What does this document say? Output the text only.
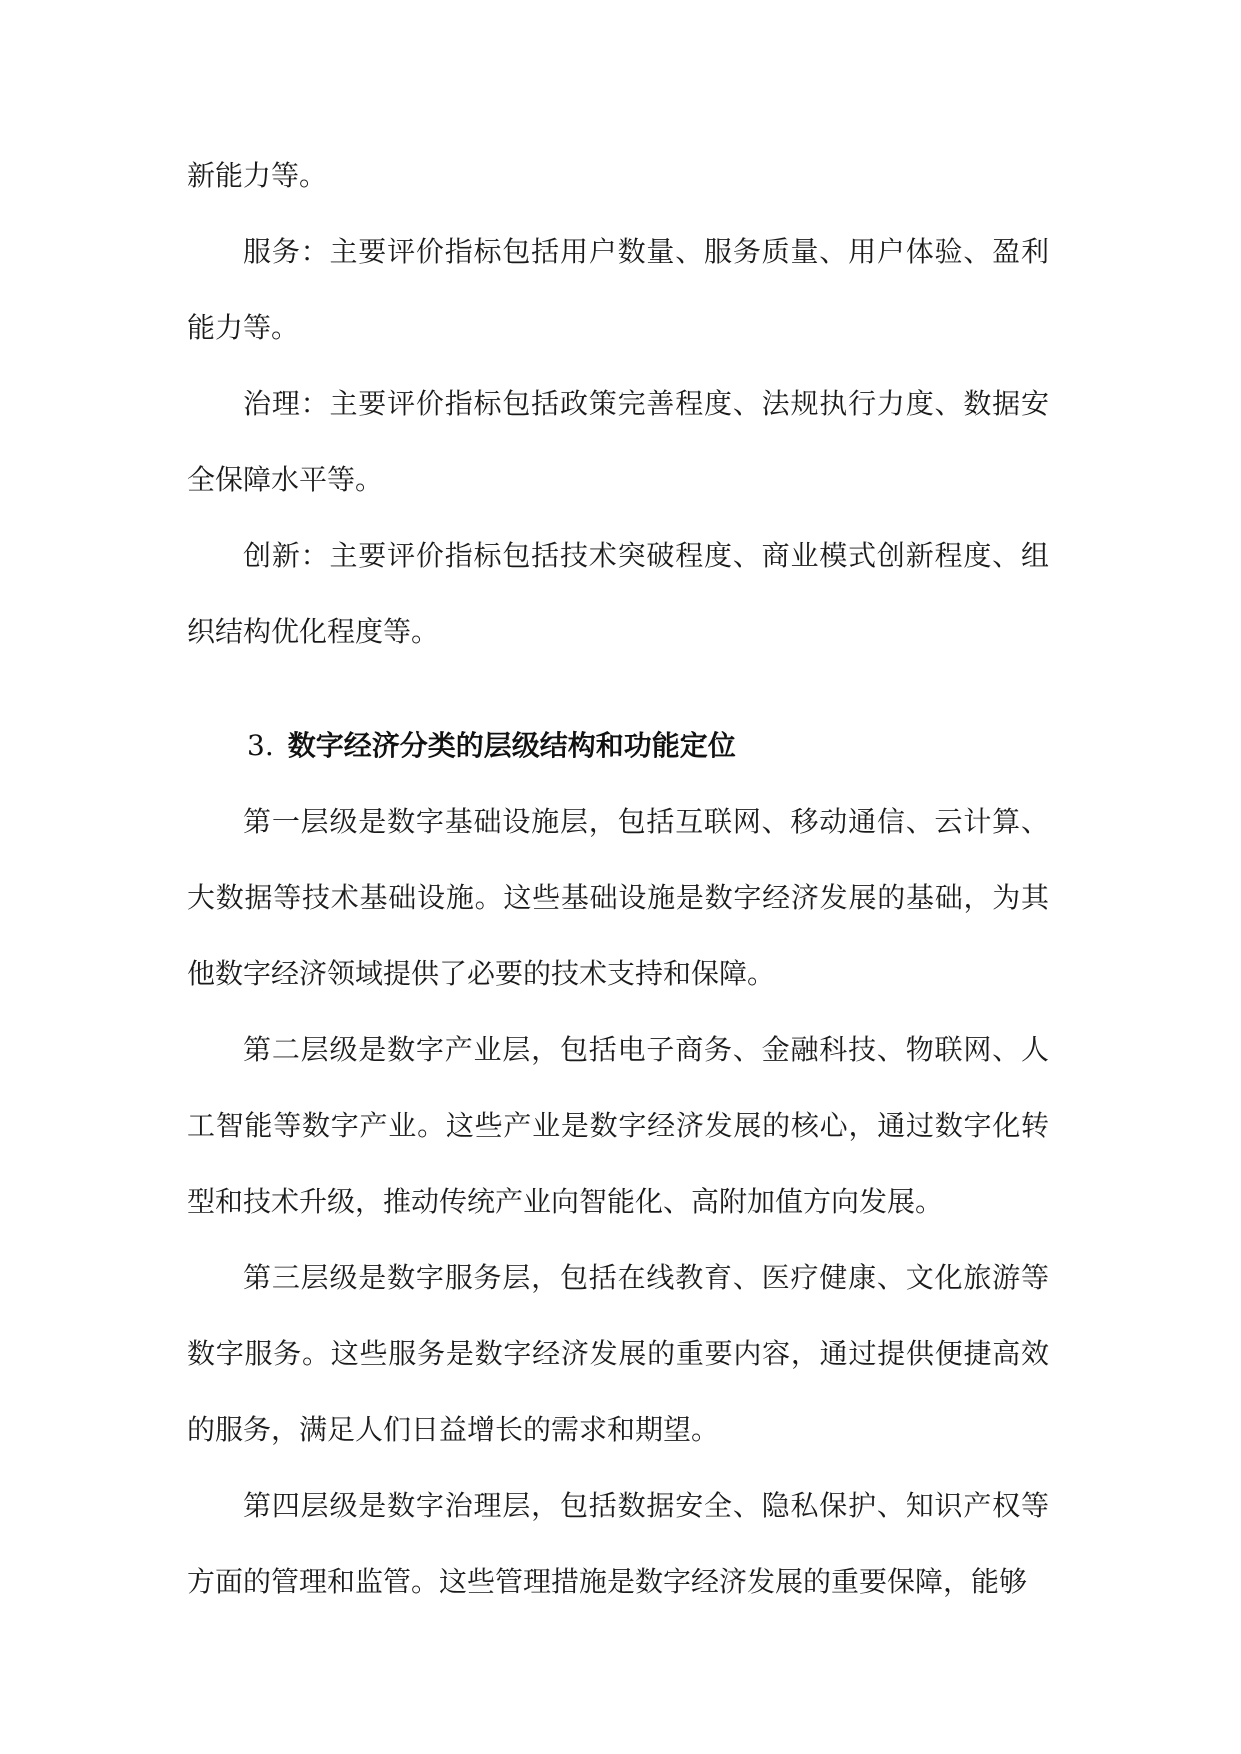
新能力等。

服务：主要评价指标包括用户数量、服务质量、用户体验、盈利能力等。

治理：主要评价指标包括政策完善程度、法规执行力度、数据安全保障水平等。

创新：主要评价指标包括技术突破程度、商业模式创新程度、组织结构优化程度等。

3. 数字经济分类的层级结构和功能定位

第一层级是数字基础设施层，包括互联网、移动通信、云计算、大数据等技术基础设施。这些基础设施是数字经济发展的基础，为其他数字经济领域提供了必要的技术支持和保障。

第二层级是数字产业层，包括电子商务、金融科技、物联网、人工智能等数字产业。这些产业是数字经济发展的核心，通过数字化转型和技术升级，推动传统产业向智能化、高附加值方向发展。

第三层级是数字服务层，包括在线教育、医疗健康、文化旅游等数字服务。这些服务是数字经济发展的重要内容，通过提供便捷高效的服务，满足人们日益增长的需求和期望。

第四层级是数字治理层，包括数据安全、隐私保护、知识产权等方面的管理和监管。这些管理措施是数字经济发展的重要保障，能够
